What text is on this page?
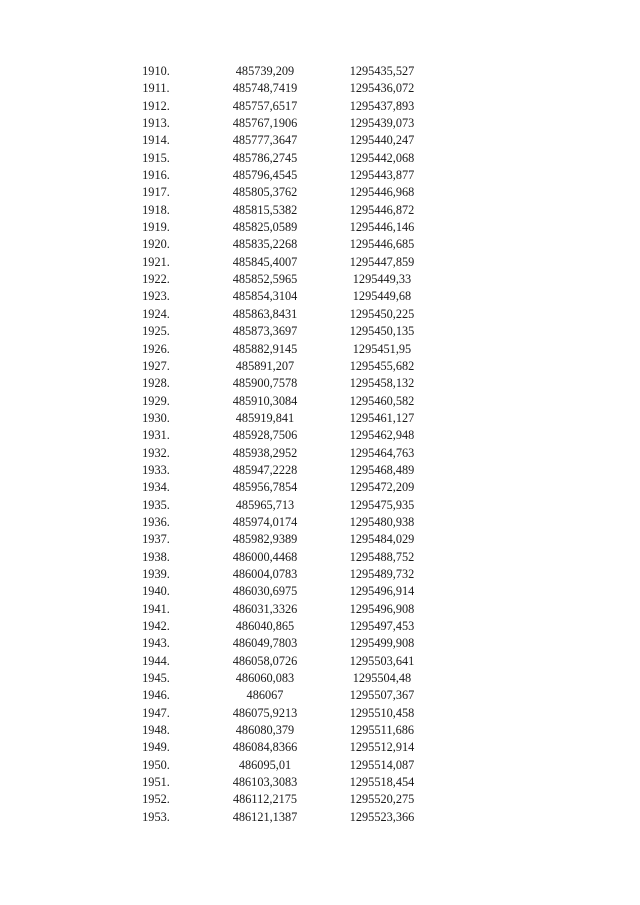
1910.	485739,209	1295435,527
1911.	485748,7419	1295436,072
1912.	485757,6517	1295437,893
1913.	485767,1906	1295439,073
1914.	485777,3647	1295440,247
1915.	485786,2745	1295442,068
1916.	485796,4545	1295443,877
1917.	485805,3762	1295446,968
1918.	485815,5382	1295446,872
1919.	485825,0589	1295446,146
1920.	485835,2268	1295446,685
1921.	485845,4007	1295447,859
1922.	485852,5965	1295449,33
1923.	485854,3104	1295449,68
1924.	485863,8431	1295450,225
1925.	485873,3697	1295450,135
1926.	485882,9145	1295451,95
1927.	485891,207	1295455,682
1928.	485900,7578	1295458,132
1929.	485910,3084	1295460,582
1930.	485919,841	1295461,127
1931.	485928,7506	1295462,948
1932.	485938,2952	1295464,763
1933.	485947,2228	1295468,489
1934.	485956,7854	1295472,209
1935.	485965,713	1295475,935
1936.	485974,0174	1295480,938
1937.	485982,9389	1295484,029
1938.	486000,4468	1295488,752
1939.	486004,0783	1295489,732
1940.	486030,6975	1295496,914
1941.	486031,3326	1295496,908
1942.	486040,865	1295497,453
1943.	486049,7803	1295499,908
1944.	486058,0726	1295503,641
1945.	486060,083	1295504,48
1946.	486067	1295507,367
1947.	486075,9213	1295510,458
1948.	486080,379	1295511,686
1949.	486084,8366	1295512,914
1950.	486095,01	1295514,087
1951.	486103,3083	1295518,454
1952.	486112,2175	1295520,275
1953.	486121,1387	1295523,366
